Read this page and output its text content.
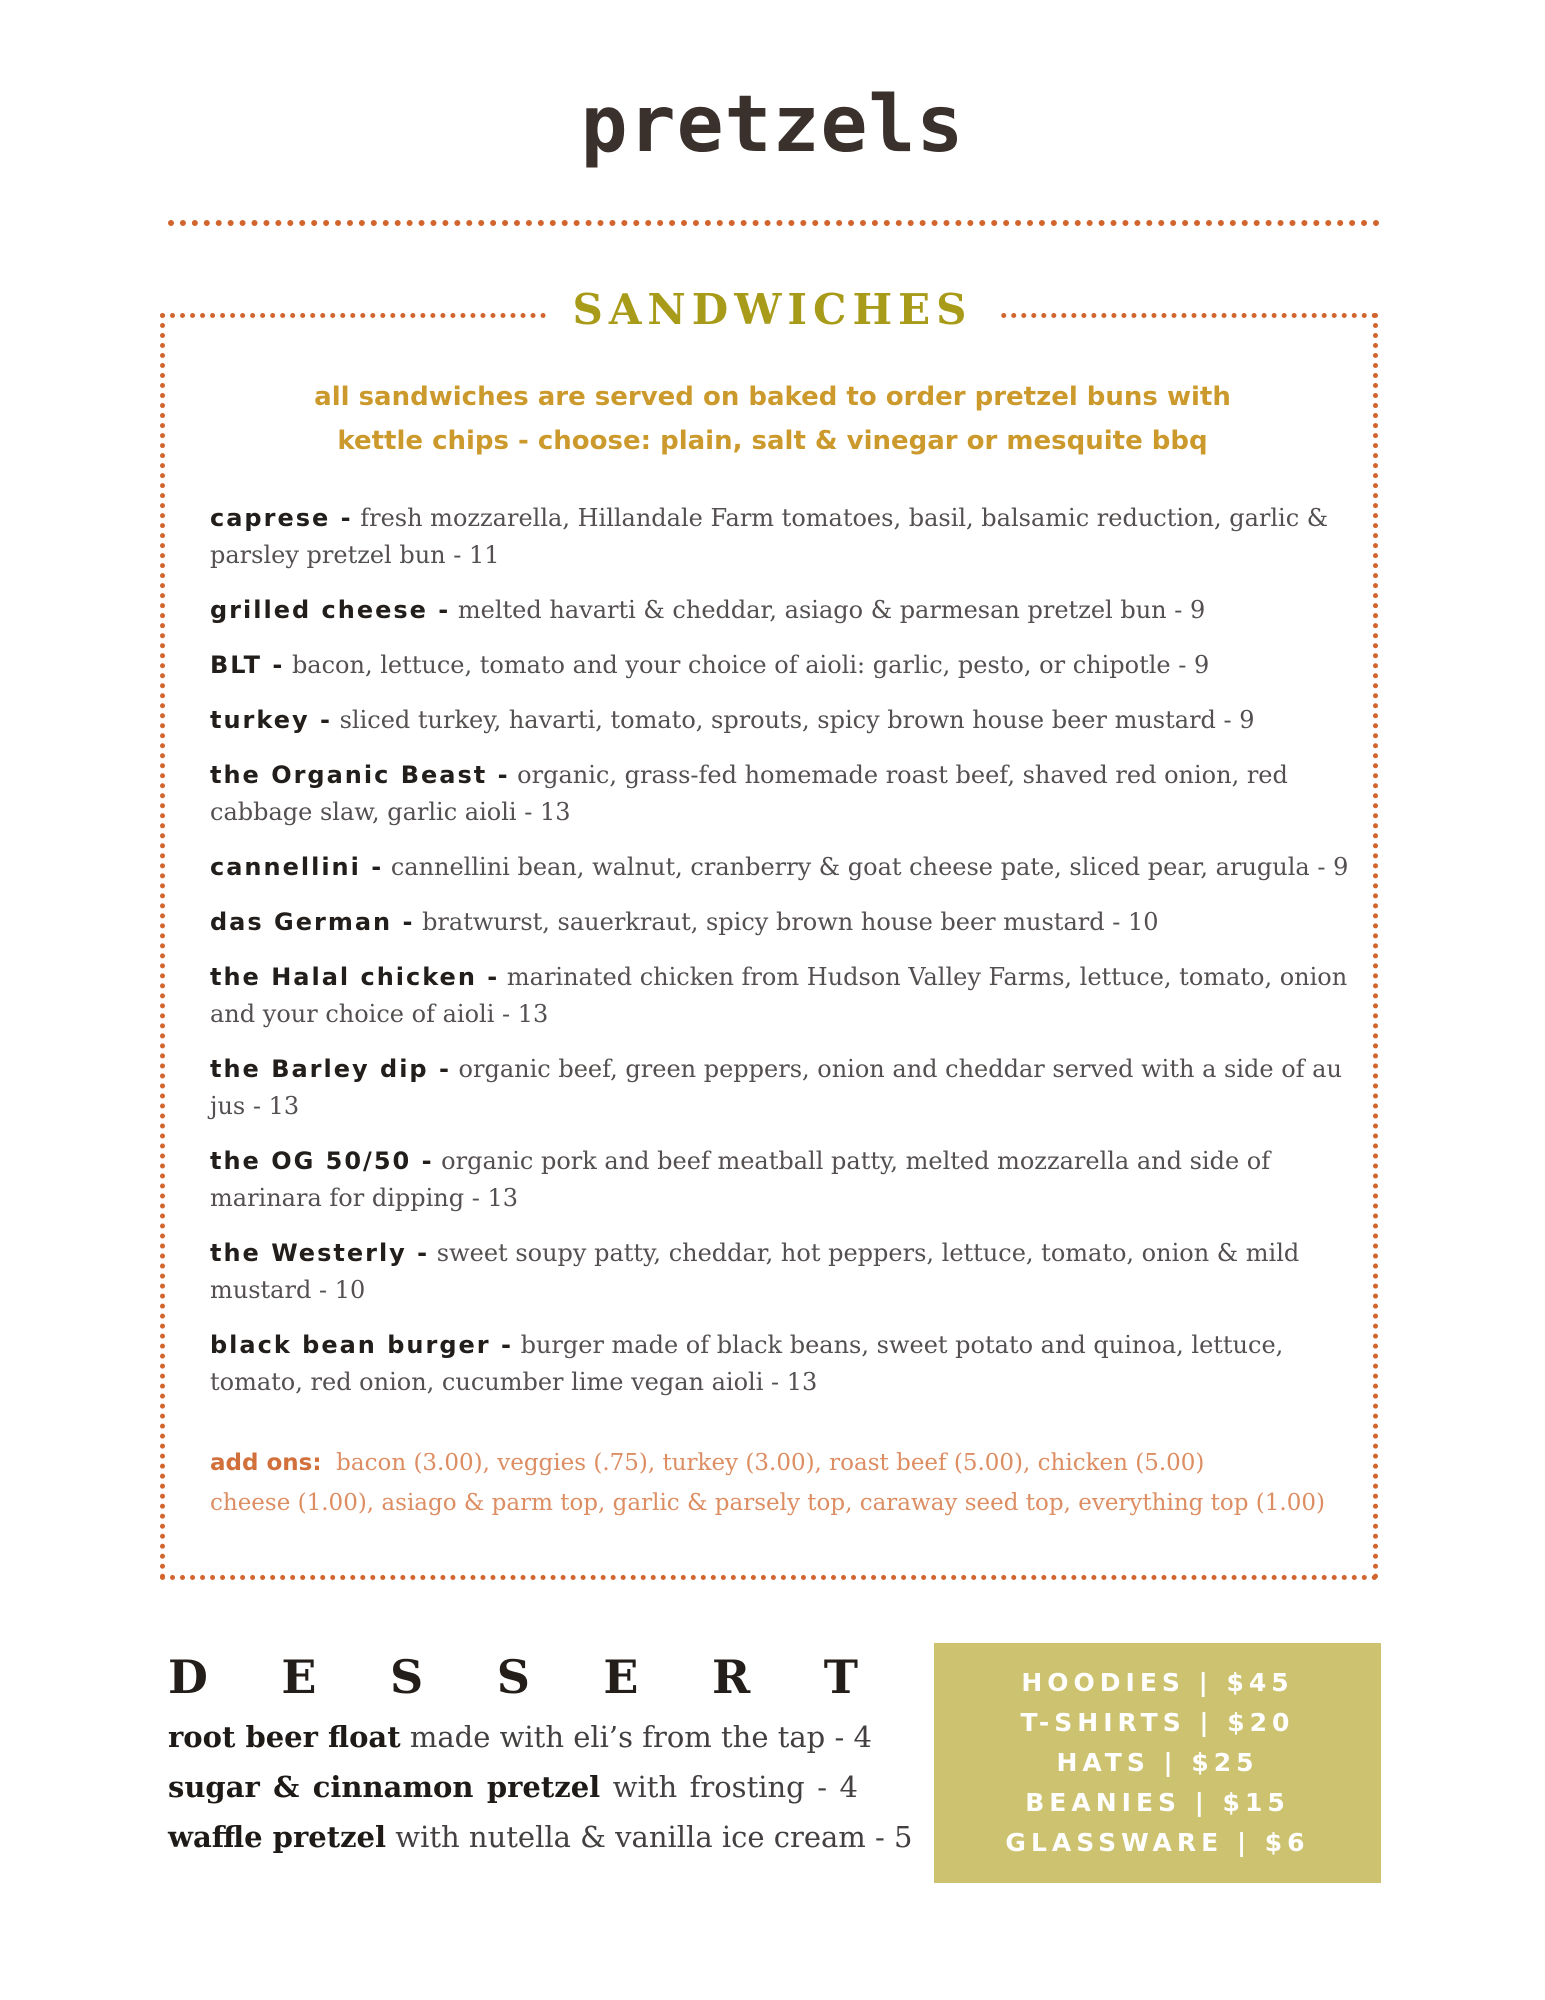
pretzels
SANDWICHES
all sandwiches are served on baked to order pretzel buns with
kettle chips - choose: plain, salt & vinegar or mesquite bbq
caprese - fresh mozzarella, Hillandale Farm tomatoes, basil, balsamic reduction, garlic & parsley pretzel bun - 11
grilled cheese - melted havarti & cheddar, asiago & parmesan pretzel bun - 9
BLT - bacon, lettuce, tomato and your choice of aioli: garlic, pesto, or chipotle - 9
turkey - sliced turkey, havarti, tomato, sprouts, spicy brown house beer mustard - 9
the Organic Beast - organic, grass-fed homemade roast beef, shaved red onion, red cabbage slaw, garlic aioli - 13
cannellini - cannellini bean, walnut, cranberry & goat cheese pate, sliced pear, arugula - 9
das German - bratwurst, sauerkraut, spicy brown house beer mustard - 10
the Halal chicken - marinated chicken from Hudson Valley Farms, lettuce, tomato, onion and your choice of aioli - 13
the Barley dip - organic beef, green peppers, onion and cheddar served with a side of au jus - 13
the OG 50/50 - organic pork and beef meatball patty, melted mozzarella and side of marinara for dipping - 13
the Westerly - sweet soupy patty, cheddar, hot peppers, lettuce, tomato, onion & mild mustard - 10
black bean burger - burger made of black beans, sweet potato and quinoa, lettuce, tomato, red onion, cucumber lime vegan aioli - 13
add ons:  bacon (3.00), veggies (.75), turkey (3.00), roast beef (5.00), chicken (5.00)
cheese (1.00), asiago & parm top, garlic & parsely top, caraway seed top, everything top (1.00)
D E S S E R T
root beer float made with eli’s from the tap - 4
sugar & cinnamon pretzel with frosting - 4
waffle pretzel with nutella & vanilla ice cream - 5
HOODIES | $45
T-SHIRTS | $20
HATS | $25
BEANIES | $15
GLASSWARE | $6
